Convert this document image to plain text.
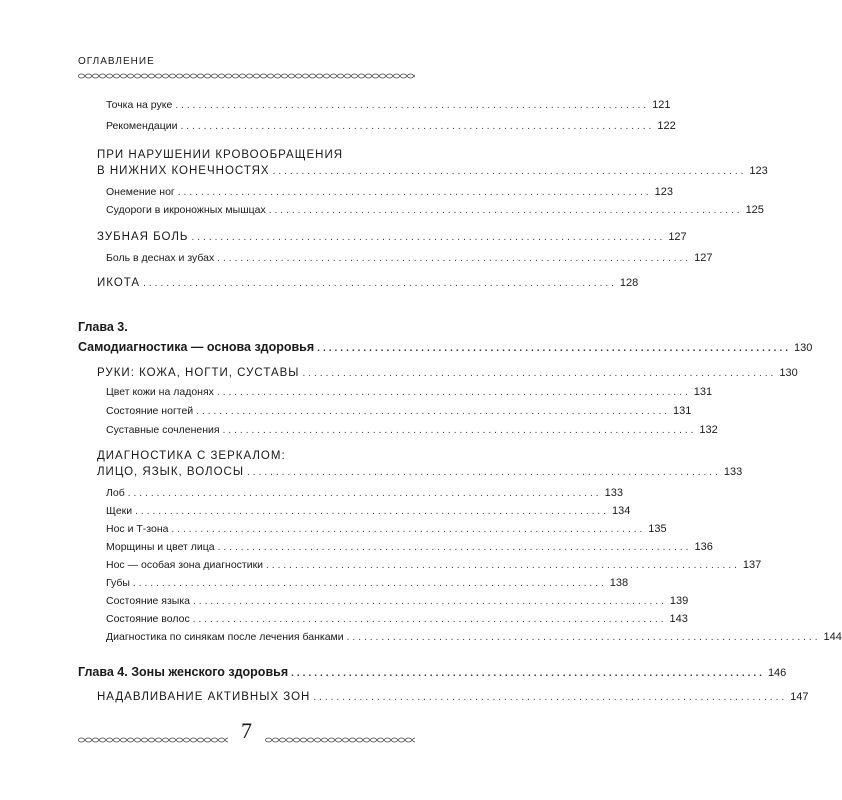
ОГЛАВЛЕНИЕ
Точка на руке .................................................................................. 121
Рекомендации .................................................................................. 122
ПРИ НАРУШЕНИИ КРОВООБРАЩЕНИЯ
В НИЖНИХ КОНЕЧНОСТЯХ .................................................................................. 123
Онемение ног .................................................................................. 123
Судороги в икроножных мышцах .................................................................................. 125
ЗУБНАЯ БОЛЬ .................................................................................. 127
Боль в деснах и зубах .................................................................................. 127
ИКОТА .................................................................................. 128
Глава 3.
Самодиагностика — основа здоровья .................................................................................. 130
РУКИ: КОЖА, НОГТИ, СУСТАВЫ .................................................................................. 130
Цвет кожи на ладонях .................................................................................. 131
Состояние ногтей .................................................................................. 131
Суставные сочленения .................................................................................. 132
ДИАГНОСТИКА С ЗЕРКАЛОМ:
ЛИЦО, ЯЗЫК, ВОЛОСЫ .................................................................................. 133
Лоб .................................................................................. 133
Щеки .................................................................................. 134
Нос и Т-зона .................................................................................. 135
Морщины и цвет лица .................................................................................. 136
Нос — особая зона диагностики .................................................................................. 137
Губы .................................................................................. 138
Состояние языка .................................................................................. 139
Состояние волос .................................................................................. 143
Диагностика по синякам после лечения банками .................................................................................. 144
Глава 4. Зоны женского здоровья .................................................................................. 146
НАДАВЛИВАНИЕ АКТИВНЫХ ЗОН .................................................................................. 147
7
